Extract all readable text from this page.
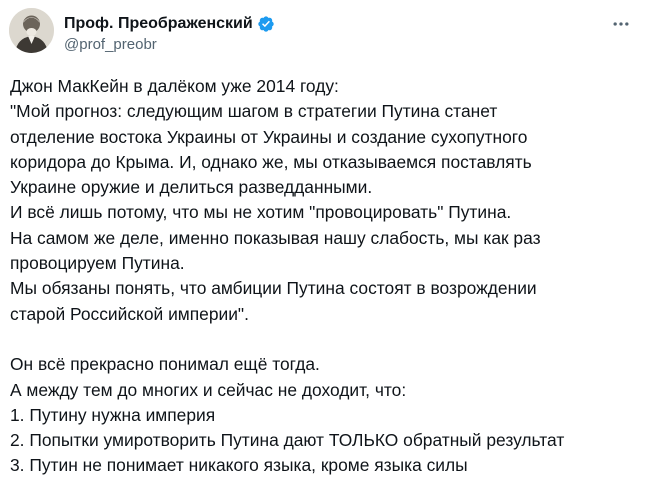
Проф. Преображенский
@prof_preobr
Джон МакКейн в далёком уже 2014 году:
"Мой прогноз: следующим шагом в стратегии Путина станет
отделение востока Украины от Украины и создание сухопутного
коридора до Крыма. И, однако же, мы отказываемся поставлять
Украине оружие и делиться разведданными.
И всё лишь потому, что мы не хотим "провоцировать" Путина.
На самом же деле, именно показывая нашу слабость, мы как раз
провоцируем Путина.
Мы обязаны понять, что амбиции Путина состоят в возрождении
старой Российской империи".
Он всё прекрасно понимал ещё тогда.
А между тем до многих и сейчас не доходит, что:
1. Путину нужна империя
2. Попытки умиротворить Путина дают ТОЛЬКО обратный результат
3. Путин не понимает никакого языка, кроме языка силы
